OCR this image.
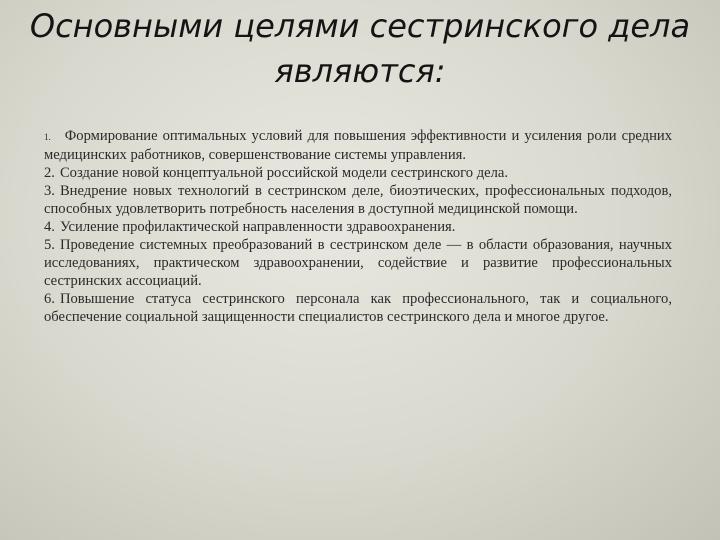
Основными целями сестринского дела являются:
1. Формирование оптимальных условий для повышения эффективности и усиления роли средних медицинских работников, совершенствование системы управления.
2. Создание новой концептуальной российской модели сестринского дела.
3. Внедрение новых технологий в сестринском деле, биоэтических, профессиональных подходов, способных удовлетворить потребность населения в доступной медицинской помощи.
4. Усиление профилактической направленности здравоохранения.
5. Проведение системных преобразований в сестринском деле — в области образования, научных исследованиях, практическом здравоохранении, содействие и развитие профессиональных сестринских ассоциаций.
6. Повышение статуса сестринского персонала как профессионального, так и социального, обеспечение социальной защищенности специалистов сестринского дела и многое другое.
